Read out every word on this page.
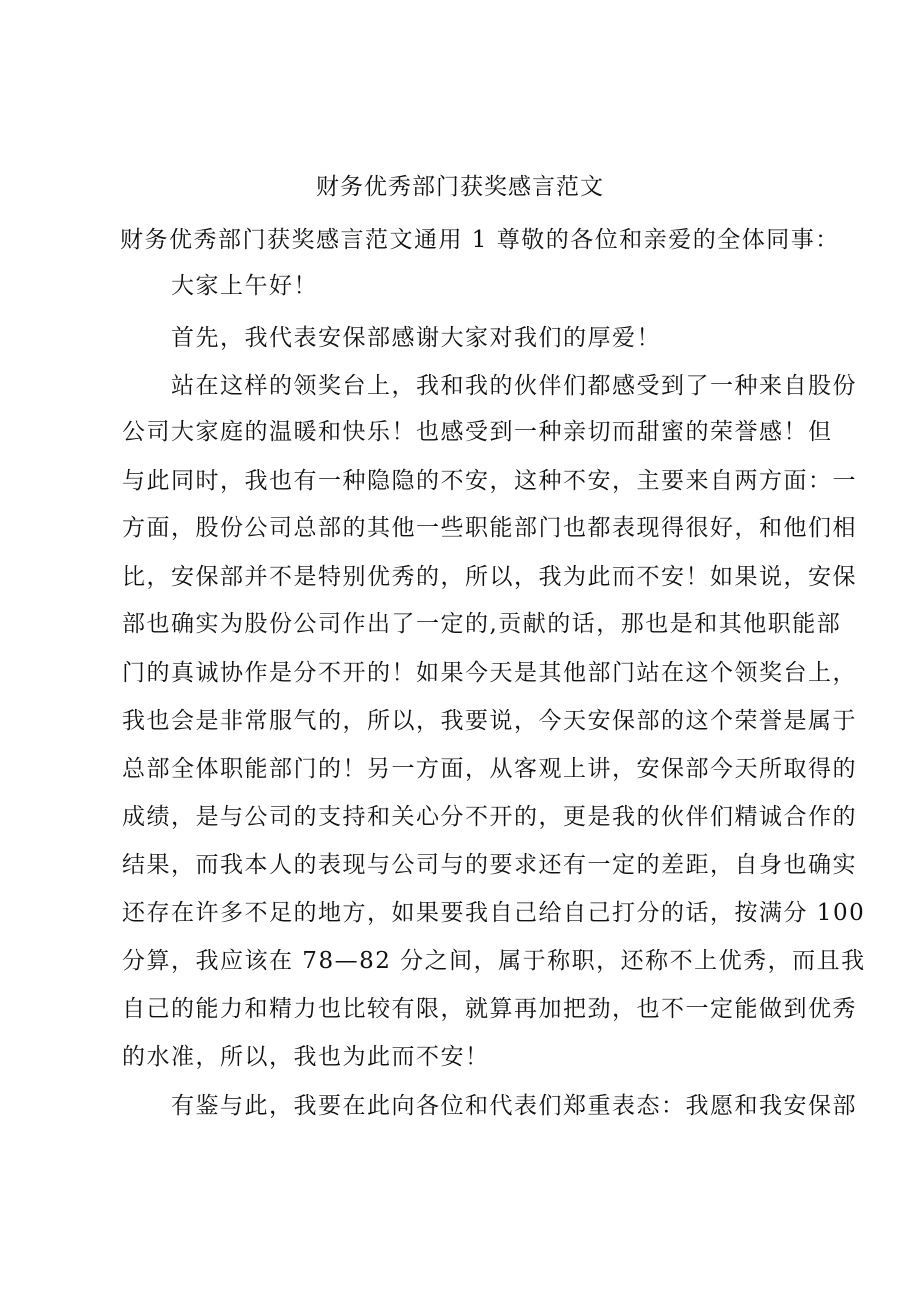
财务优秀部门获奖感言范文
财务优秀部门获奖感言范文通用 1 尊敬的各位和亲爱的全体同事：
大家上午好！
首先，我代表安保部感谢大家对我们的厚爱！
站在这样的领奖台上，我和我的伙伴们都感受到了一种来自股份
公司大家庭的温暖和快乐！也感受到一种亲切而甜蜜的荣誉感！但
与此同时，我也有一种隐隐的不安，这种不安，主要来自两方面：一
方面，股份公司总部的其他一些职能部门也都表现得很好，和他们相
比，安保部并不是特别优秀的，所以，我为此而不安！如果说，安保
部也确实为股份公司作出了一定的,贡献的话，那也是和其他职能部
门的真诚协作是分不开的！如果今天是其他部门站在这个领奖台上，
我也会是非常服气的，所以，我要说，今天安保部的这个荣誉是属于
总部全体职能部门的！另一方面，从客观上讲，安保部今天所取得的
成绩，是与公司的支持和关心分不开的，更是我的伙伴们精诚合作的
结果，而我本人的表现与公司与的要求还有一定的差距，自身也确实
还存在许多不足的地方，如果要我自己给自己打分的话，按满分 100
分算，我应该在 78—82 分之间，属于称职，还称不上优秀，而且我
自己的能力和精力也比较有限，就算再加把劲，也不一定能做到优秀
的水准，所以，我也为此而不安！
有鉴与此，我要在此向各位和代表们郑重表态：我愿和我安保部
